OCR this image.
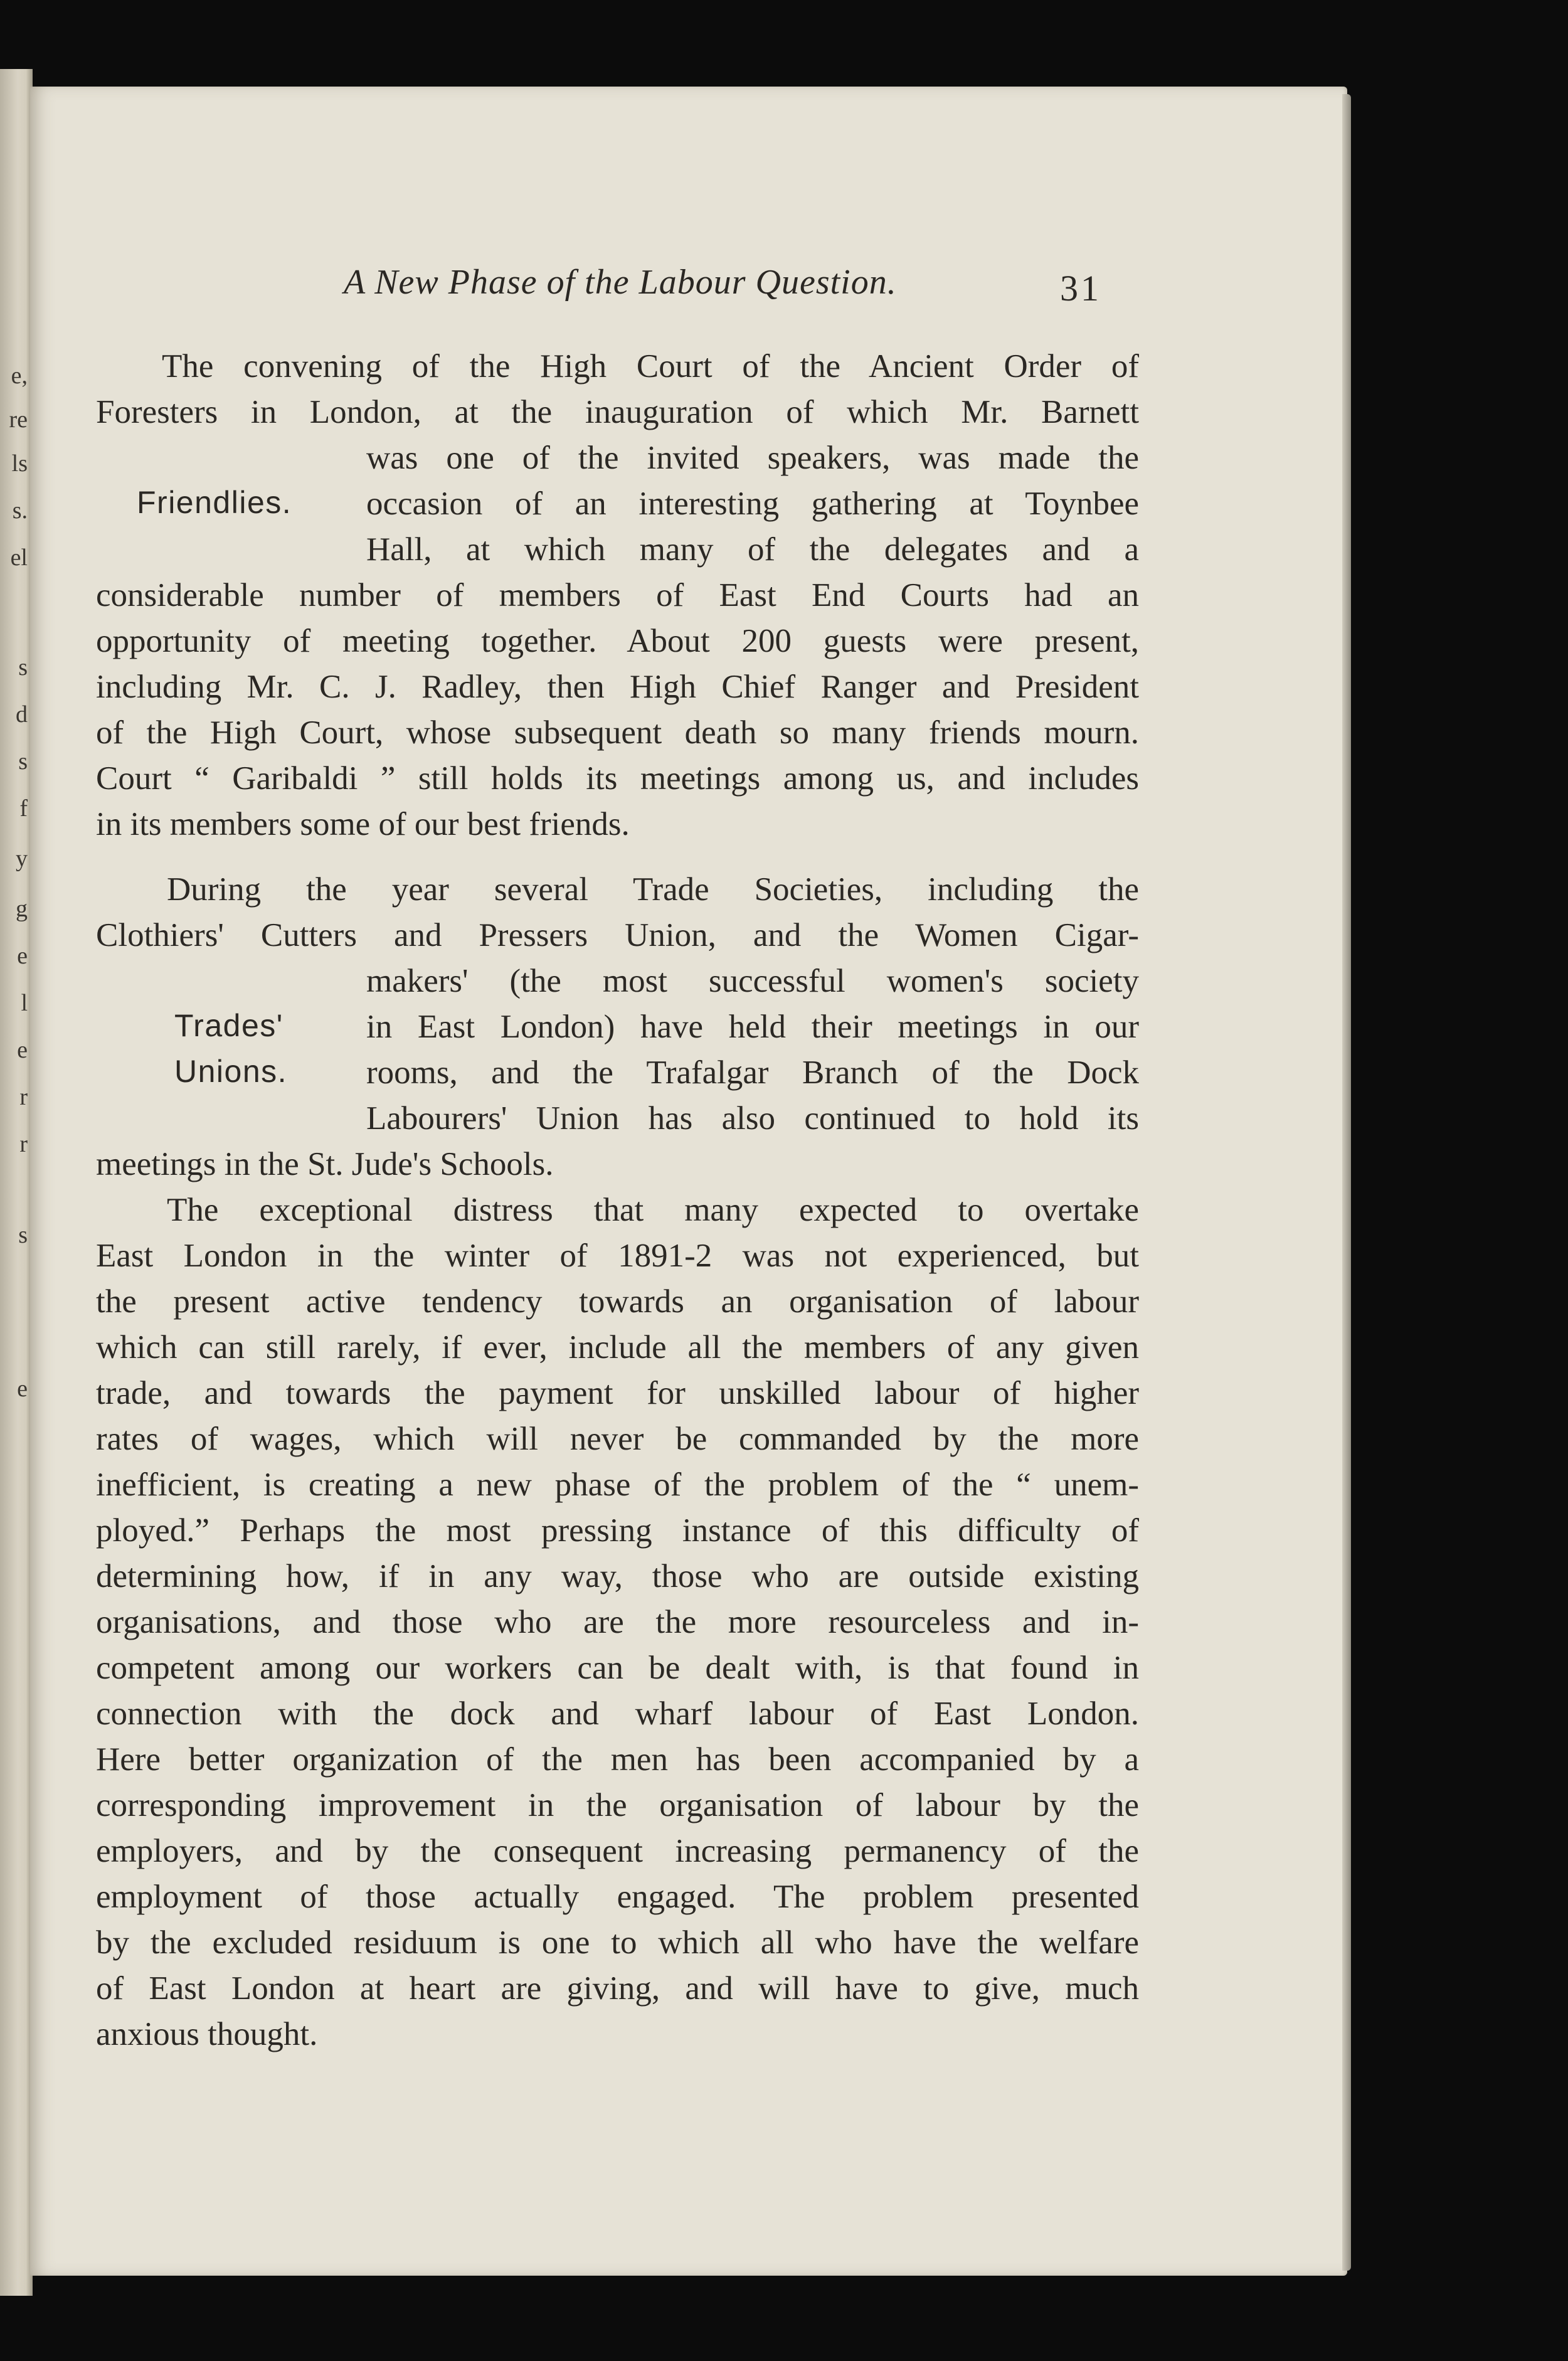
e,
re
ls
s.
el
s
d
s
f
y
g
e
l
e
r
r
s
e
A New Phase of the Labour Question.	31
The convening of the High Court of the Ancient Order of
Foresters in London, at the inauguration of which Mr. Barnett
was one of the invited speakers, was made the
occasion of an interesting gathering at Toynbee
Hall, at which many of the delegates and a
considerable number of members of East End Courts had an
opportunity of meeting together. About 200 guests were present,
including Mr. C. J. Radley, then High Chief Ranger and President
of the High Court, whose subsequent death so many friends mourn.
Court “ Garibaldi ” still holds its meetings among us, and includes
in its members some of our best friends.
Friendlies.
During the year several Trade Societies, including the
Clothiers' Cutters and Pressers Union, and the Women Cigar-
makers' (the most successful women's society
in East London) have held their meetings in our
rooms, and the Trafalgar Branch of the Dock
Labourers' Union has also continued to hold its
meetings in the St. Jude's Schools.
Trades'
Unions.
The exceptional distress that many expected to overtake
East London in the winter of 1891-2 was not experienced, but
the present active tendency towards an organisation of labour
which can still rarely, if ever, include all the members of any given
trade, and towards the payment for unskilled labour of higher
rates of wages, which will never be commanded by the more
inefficient, is creating a new phase of the problem of the “ unem-
ployed.” Perhaps the most pressing instance of this difficulty of
determining how, if in any way, those who are outside existing
organisations, and those who are the more resourceless and in-
competent among our workers can be dealt with, is that found in
connection with the dock and wharf labour of East London.
Here better organization of the men has been accompanied by a
corresponding improvement in the organisation of labour by the
employers, and by the consequent increasing permanency of the
employment of those actually engaged. The problem presented
by the excluded residuum is one to which all who have the welfare
of East London at heart are giving, and will have to give, much
anxious thought.
